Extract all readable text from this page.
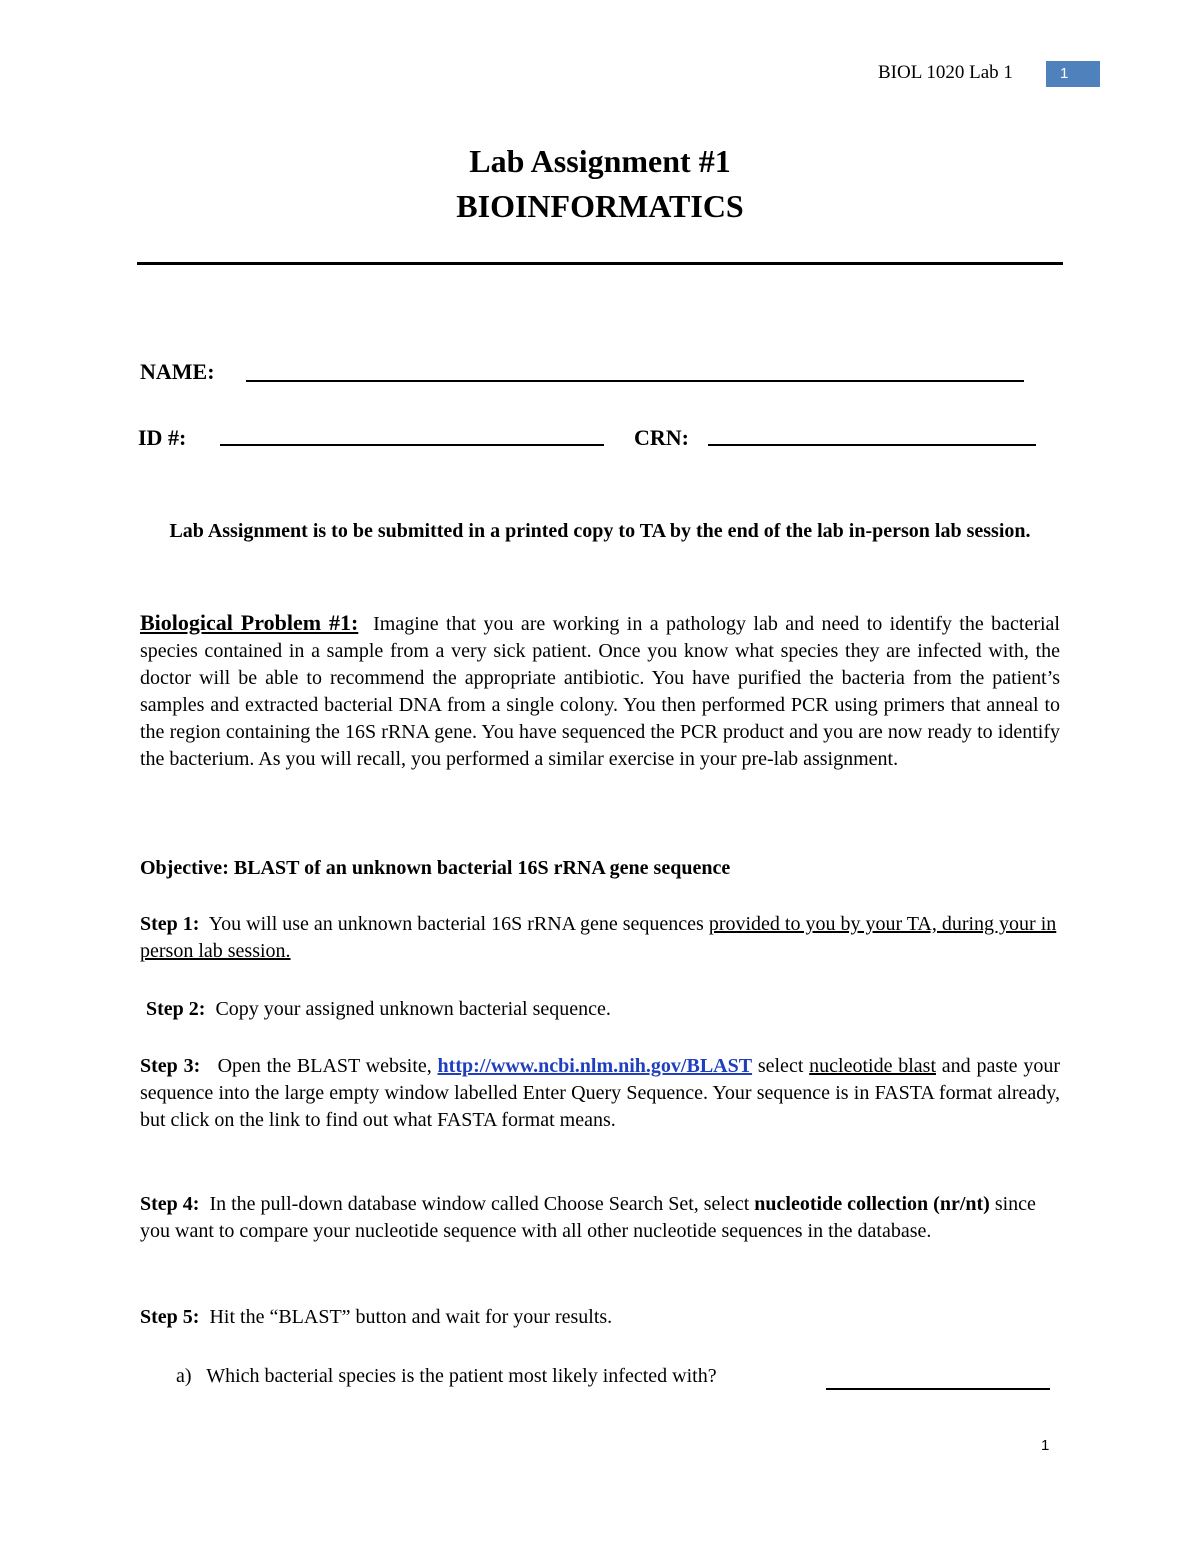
BIOL 1020 Lab 1	1
Lab Assignment #1
BIOINFORMATICS
NAME:
ID #:	CRN:
Lab Assignment is to be submitted in a printed copy to TA by the end of the lab in-person lab session.
Biological Problem #1: Imagine that you are working in a pathology lab and need to identify the bacterial species contained in a sample from a very sick patient. Once you know what species they are infected with, the doctor will be able to recommend the appropriate antibiotic. You have purified the bacteria from the patient’s samples and extracted bacterial DNA from a single colony. You then performed PCR using primers that anneal to the region containing the 16S rRNA gene. You have sequenced the PCR product and you are now ready to identify the bacterium. As you will recall, you performed a similar exercise in your pre-lab assignment.
Objective: BLAST of an unknown bacterial 16S rRNA gene sequence
Step 1: You will use an unknown bacterial 16S rRNA gene sequences provided to you by your TA, during your in person lab session.
Step 2: Copy your assigned unknown bacterial sequence.
Step 3: Open the BLAST website, http://www.ncbi.nlm.nih.gov/BLAST select nucleotide blast and paste your sequence into the large empty window labelled Enter Query Sequence. Your sequence is in FASTA format already, but click on the link to find out what FASTA format means.
Step 4: In the pull-down database window called Choose Search Set, select nucleotide collection (nr/nt) since you want to compare your nucleotide sequence with all other nucleotide sequences in the database.
Step 5: Hit the “BLAST” button and wait for your results.
a) Which bacterial species is the patient most likely infected with?
1
